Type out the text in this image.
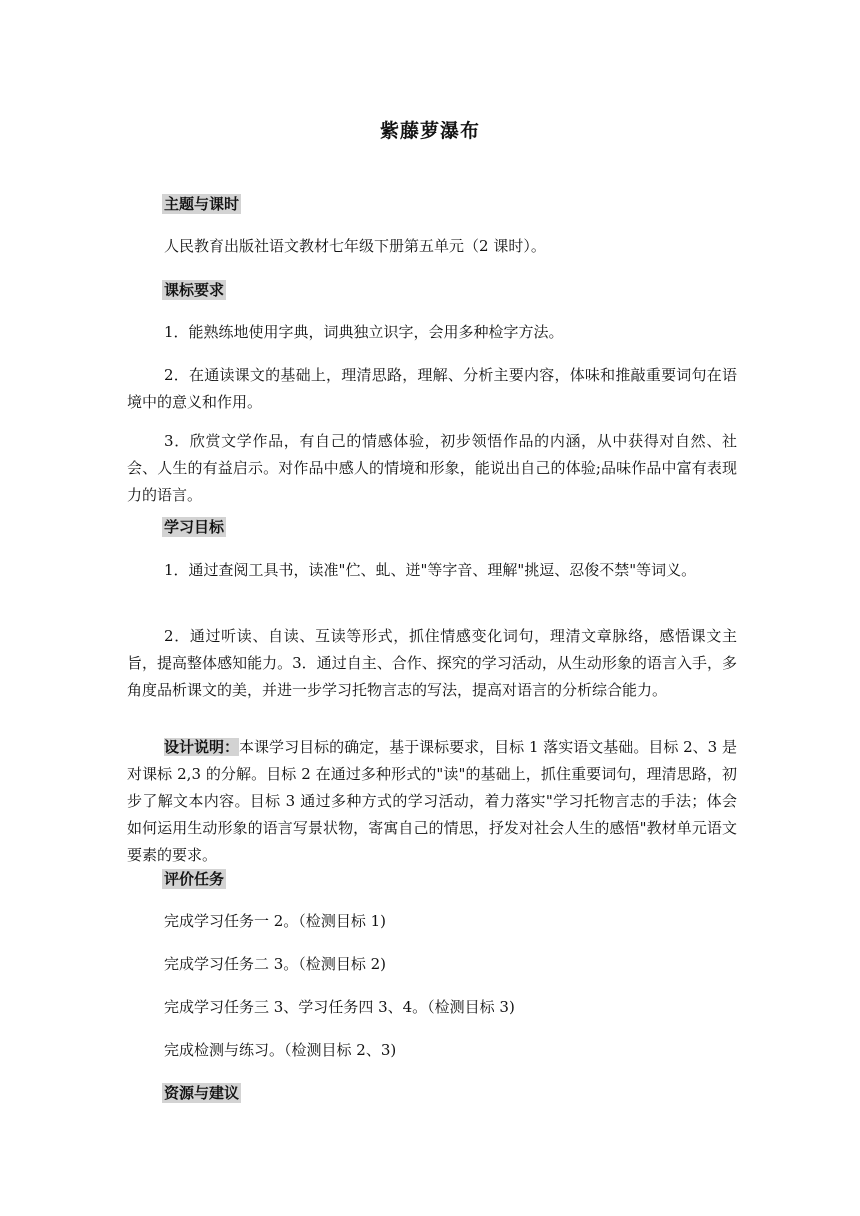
紫藤萝瀑布
主题与课时

人民教育出版社语文教材七年级下册第五单元（2 课时）。

课标要求

1．能熟练地使用字典，词典独立识字，会用多种检字方法。

2．在通读课文的基础上，理清思路，理解、分析主要内容，体味和推敲重要词句在语境中的意义和作用。

3．欣赏文学作品，有自己的情感体验，初步领悟作品的内涵，从中获得对自然、社会、人生的有益启示。对作品中感人的情境和形象，能说出自己的体验;品味作品中富有表现力的语言。

学习目标

1．通过查阅工具书，读准"伫、虬、迸"等字音、理解"挑逗、忍俊不禁"等词义。

2．通过听读、自读、互读等形式，抓住情感变化词句，理清文章脉络，感悟课文主旨，提高整体感知能力。3．通过自主、合作、探究的学习活动，从生动形象的语言入手，多角度品析课文的美，并进一步学习托物言志的写法，提高对语言的分析综合能力。

设计说明：本课学习目标的确定，基于课标要求，目标 1 落实语文基础。目标 2、3 是对课标 2,3 的分解。目标 2 在通过多种形式的"读"的基础上，抓住重要词句，理清思路，初步了解文本内容。目标 3 通过多种方式的学习活动，着力落实"学习托物言志的手法；体会如何运用生动形象的语言写景状物，寄寓自己的情思，抒发对社会人生的感悟"教材单元语文要素的要求。

评价任务

完成学习任务一 2。（检测目标 1)

完成学习任务二 3。（检测目标 2)

完成学习任务三 3、学习任务四 3、4。（检测目标 3)

完成检测与练习。（检测目标 2、3)

资源与建议
